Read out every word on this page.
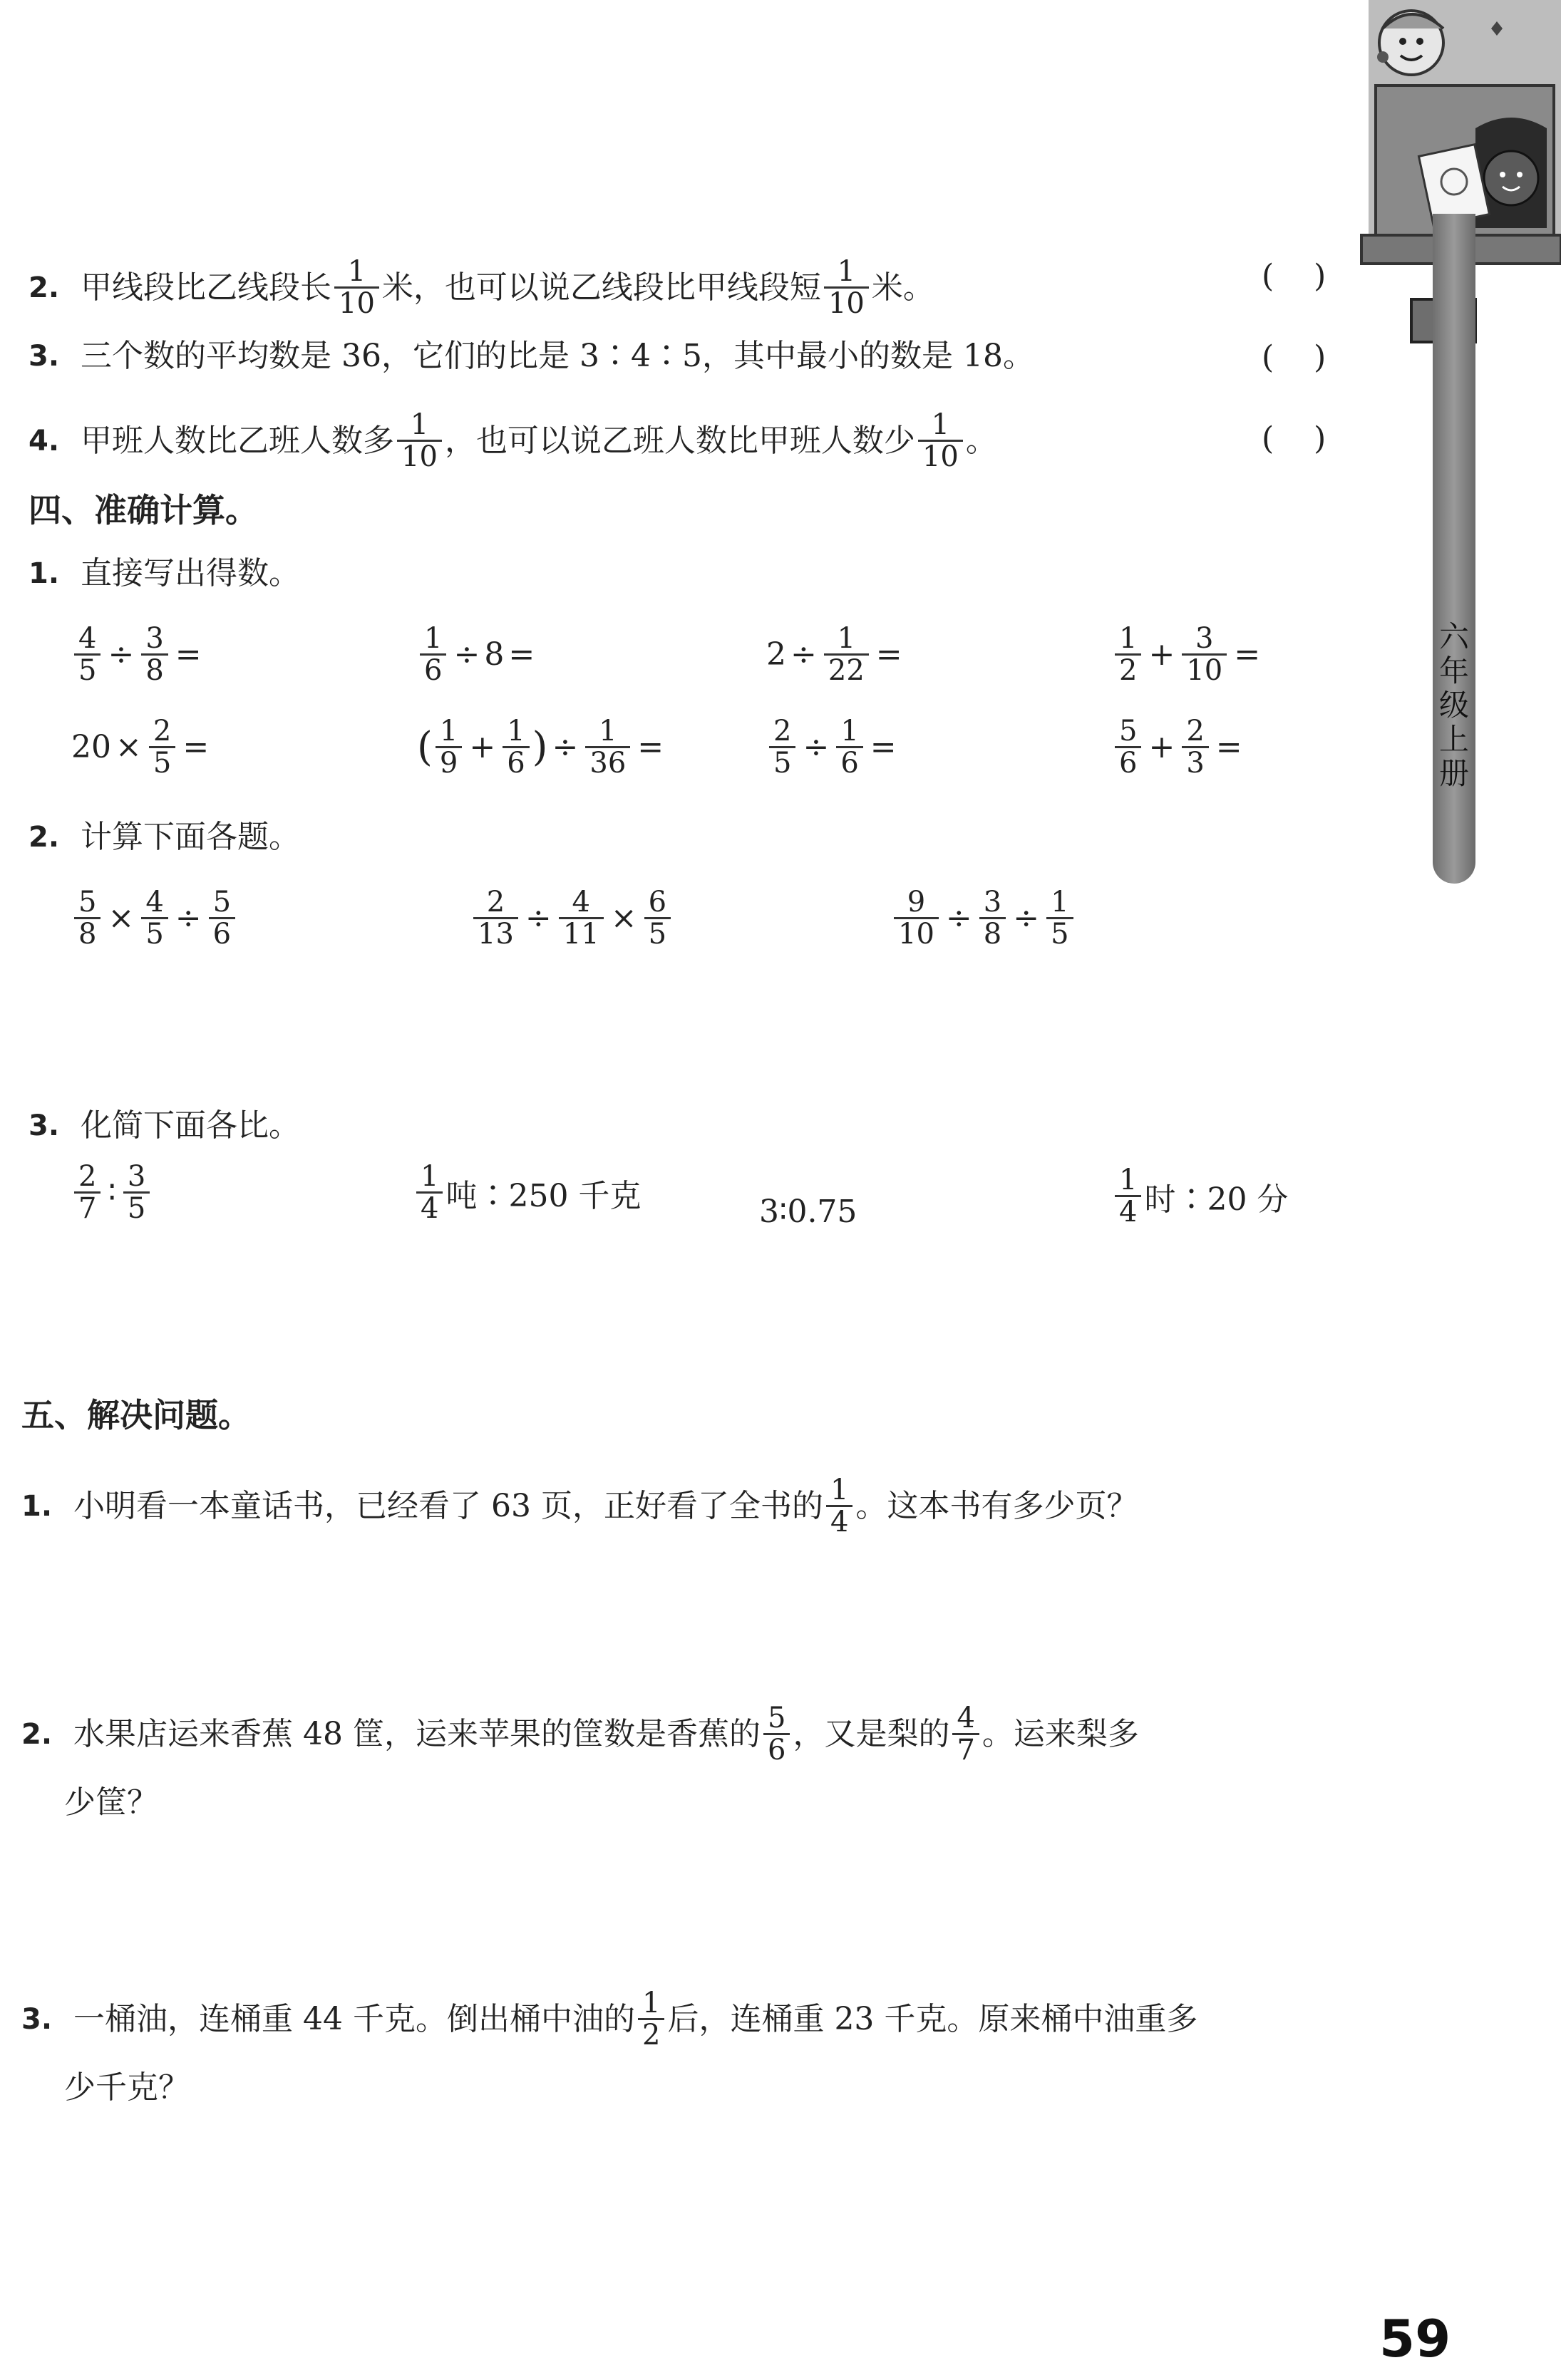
六年级上册
2. 甲线段比乙线段长 $\frac{1}{10}$ 米，也可以说乙线段比甲线段短 $\frac{1}{10}$ 米。	(    )
3. 三个数的平均数是 36，它们的比是 3∶4∶5，其中最小的数是 18。	(    )
4. 甲班人数比乙班人数多 $\frac{1}{10}$ ，也可以说乙班人数比甲班人数少 $\frac{1}{10}$ 。	(    )
四、准确计算。
1. 直接写出得数。
$\frac{4}{5} \div \frac{3}{8}$ =	$\frac{1}{6} \div 8$ =	$2 \div \frac{1}{22}$ =	$\frac{1}{2} + \frac{3}{10}$ =
$20 \times \frac{2}{5}$ =	( $\frac{1}{9} + \frac{1}{6}$ ) ÷ $\frac{1}{36}$ =	$\frac{2}{5} \div \frac{1}{6}$ =	$\frac{5}{6} + \frac{2}{3}$ =
2. 计算下面各题。
$\frac{5}{8} \times \frac{4}{5} \div \frac{5}{6}$	$\frac{2}{13} \div \frac{4}{11} \times \frac{6}{5}$	$\frac{9}{10} \div \frac{3}{8} \div \frac{1}{5}$
3. 化简下面各比。
$\frac{2}{7}$ ∶ $\frac{3}{5}$	$\frac{1}{4}$ 吨∶250 千克	3∶0.75	$\frac{1}{4}$ 时∶20 分
五、解决问题。
1. 小明看一本童话书，已经看了 63 页，正好看了全书的 $\frac{1}{4}$ 。这本书有多少页？
2. 水果店运来香蕉 48 筐，运来苹果的筐数是香蕉的 $\frac{5}{6}$ ，又是梨的 $\frac{4}{7}$ 。运来梨多
少筐？
3. 一桶油，连桶重 44 千克。倒出桶中油的 $\frac{1}{2}$ 后，连桶重 23 千克。原来桶中油重多
少千克？
59
